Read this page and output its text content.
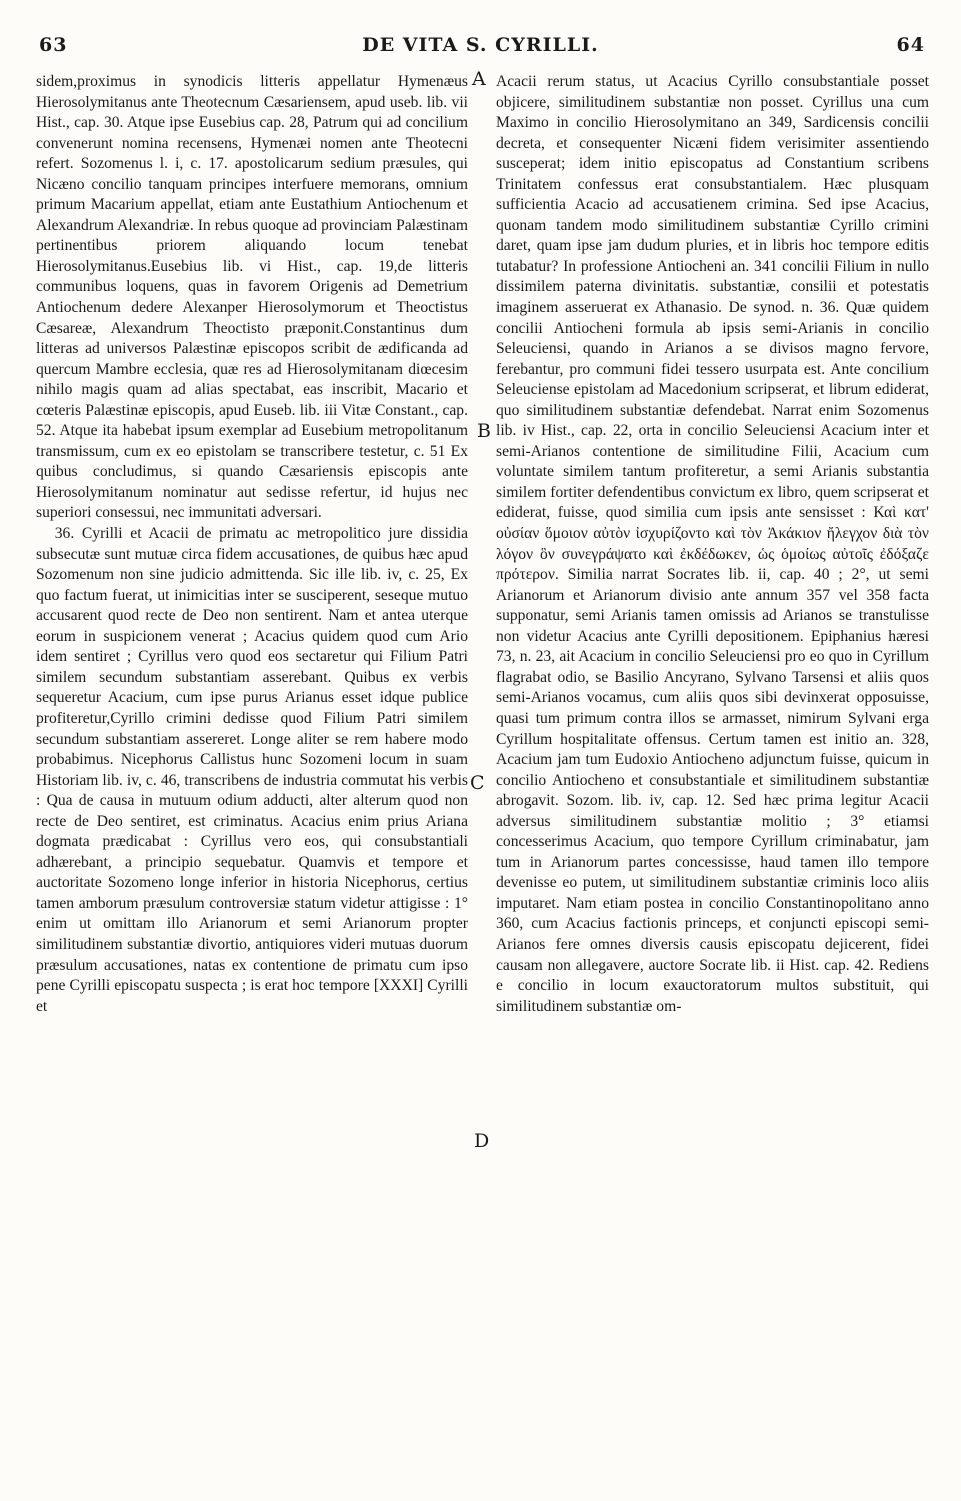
63	DE VITA S. CYRILLI.	64

sidem,proximus in synodicis litteris appellatur Hymenæus Hierosolymitanus ante Theotecnum Cæsariensem, apud useb. lib. vii Hist., cap. 30. Atque ipse Eusebius cap. 28, Patrum qui ad concilium convenerunt nomina recensens, Hymenæi nomen ante Theotecni refert. Sozomenus l. i, c. 17. apostolicarum sedium præsules, qui Nicæno concilio tanquam principes interfuere memorans, omnium primum Macarium appellat, etiam ante Eustathium Antiochenum et Alexandrum Alexandriæ. In rebus quoque ad provinciam Palæstinam pertinentibus priorem aliquando locum tenebat Hierosolymitanus.Eusebius lib. vi Hist., cap. 19,de litteris communibus loquens, quas in favorem Origenis ad Demetrium Antiochenum dedere Alexanper Hierosolymorum et Theoctistus Cæsareæ, Alexandrum Theoctisto præponit.Constantinus dum litteras ad universos Palæstinæ episcopos scribit de ædificanda ad quercum Mambre ecclesia, quæ res ad Hierosolymitanam diœcesim nihilo magis quam ad alias spectabat, eas inscribit, Macario et cœteris Palæstinæ episcopis, apud Euseb. lib. iii Vitæ Constant., cap. 52. Atque ita habebat ipsum exemplar ad Eusebium metropolitanum transmissum, cum ex eo epistolam se transcribere testetur, c. 51 Ex quibus concludimus, si quando Cæsariensis episcopis ante Hierosolymitanum nominatur aut sedisse refertur, id hujus nec superiori consessui, nec immunitati adversari.

36. Cyrilli et Acacii de primatu ac metropolitico jure dissidia subsecutæ sunt mutuæ circa fidem accusationes, de quibus hæc apud Sozomenum non sine judicio admittenda. Sic ille lib. iv, c. 25, Ex quo factum fuerat, ut inimicitias inter se susciperent, seseque mutuo accusarent quod recte de Deo non sentirent. Nam et antea uterque eorum in suspicionem venerat ; Acacius quidem quod cum Ario idem sentiret ; Cyrillus vero quod eos sectaretur qui Filium Patri similem secundum substantiam asserebant. Quibus ex verbis sequeretur Acacium, cum ipse purus Arianus esset idque publice profiteretur,Cyrillo crimini dedisse quod Filium Patri similem secundum substantiam assereret. Longe aliter se rem habere modo probabimus. Nicephorus Callistus hunc Sozomeni locum in suam Historiam lib. iv, c. 46, transcribens de industria commutat his verbis : Qua de causa in mutuum odium adducti, alter alterum quod non recte de Deo sentiret, est criminatus. Acacius enim prius Ariana dogmata prædicabat : Cyrillus vero eos, qui consubstantiali adhærebant, a principio sequebatur. Quamvis et tempore et auctoritate Sozomeno longe inferior in historia Nicephorus, certius tamen amborum præsulum controversiæ statum videtur attigisse : 1° enim ut omittam illo Arianorum et semi Arianorum propter similitudinem substantiæ divortio, antiquiores videri mutuas duorum præsulum accusationes, natas ex contentione de primatu cum ipso pene Cyrilli episcopatu suspecta ; is erat hoc tempore [XXXI] Cyrilli et

Acacii rerum status, ut Acacius Cyrillo consubstantiale posset objicere, similitudinem substantiæ non posset. Cyrillus una cum Maximo in concilio Hierosolymitano an 349, Sardicensis concilii decreta, et consequenter Nicæni fidem verisimiter assentiendo susceperat; idem initio episcopatus ad Constantium scribens Trinitatem confessus erat consubstantialem. Hæc plusquam sufficientia Acacio ad accusatienem crimina. Sed ipse Acacius, quonam tandem modo similitudinem substantiæ Cyrillo crimini daret, quam ipse jam dudum pluries, et in libris hoc tempore editis tutabatur? In professione Antiocheni an. 341 concilii Filium in nullo dissimilem paterna divinitatis. substantiæ, consilii et potestatis imaginem asseruerat ex Athanasio. De synod. n. 36. Quæ quidem concilii Antiocheni formula ab ipsis semi-Arianis in concilio Seleuciensi, quando in Arianos a se divisos magno fervore, ferebantur, pro communi fidei tessero usurpata est. Ante concilium Seleuciense epistolam ad Macedonium scripserat, et librum ediderat, quo similitudinem substantiæ defendebat. Narrat enim Sozomenus lib. iv Hist., cap. 22, orta in concilio Seleuciensi Acacium inter et semi-Arianos contentione de similitudine Filii, Acacium cum voluntate similem tantum profiteretur, a semi Arianis substantia similem fortiter defendentibus convictum ex libro, quem scripserat et ediderat, fuisse, quod similia cum ipsis ante sensisset : Καὶ κατ' οὐσίαν ὅμοιον αὐτὸν ἰσχυρίζοντο καὶ τὸν Ἀκάκιον ἤλεγχον διὰ τὸν λόγον ὃν συνεγράψατο καὶ ἐκδέδωκεν, ὡς ὁμοίως αὐτοῖς ἐδόξαζε πρότερον. Similia narrat Socrates lib. ii, cap. 40 ; 2°, ut semi Arianorum et Arianorum divisio ante annum 357 vel 358 facta supponatur, semi Arianis tamen omissis ad Arianos se transtulisse non videtur Acacius ante Cyrilli depositionem. Epiphanius hæresi 73, n. 23, ait Acacium in concilio Seleuciensi pro eo quo in Cyrillum flagrabat odio, se Basilio Ancyrano, Sylvano Tarsensi et aliis quos semi-Arianos vocamus, cum aliis quos sibi devinxerat opposuisse, quasi tum primum contra illos se armasset, nimirum Sylvani erga Cyrillum hospitalitate offensus. Certum tamen est initio an. 328, Acacium jam tum Eudoxio Antiocheno adjunctum fuisse, quicum in concilio Antiocheno et consubstantiale et similitudinem substantiæ abrogavit. Sozom. lib. iv, cap. 12. Sed hæc prima legitur Acacii adversus similitudinem substantiæ molitio ; 3° etiamsi concesserimus Acacium, quo tempore Cyrillum criminabatur, jam tum in Arianorum partes concessisse, haud tamen illo tempore devenisse eo putem, ut similitudinem substantiæ criminis loco aliis imputaret. Nam etiam postea in concilio Constantinopolitano anno 360, cum Acacius factionis princeps, et conjuncti episcopi semi-Arianos fere omnes diversis causis episcopatu dejicerent, fidei causam non allegavere, auctore Socrate lib. ii Hist. cap. 42. Rediens e concilio in locum exauctoratorum multos substituit, qui similitudinem substantiæ om-

A
B
C
D
